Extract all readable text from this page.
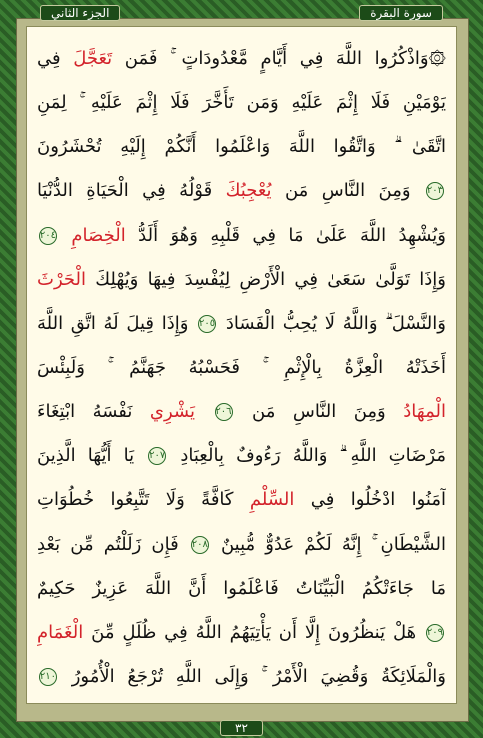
الجزء الثاني	سورة البقرة
۞وَاذْكُرُوا اللَّهَ فِي أَيَّامٍ مَّعْدُودَاتٍ ۚ فَمَن تَعَجَّلَ فِي
يَوْمَيْنِ فَلَا إِثْمَ عَلَيْهِ وَمَن تَأَخَّرَ فَلَا إِثْمَ عَلَيْهِ ۚ لِمَنِ
اتَّقَىٰ ۗ وَاتَّقُوا اللَّهَ وَاعْلَمُوا أَنَّكُمْ إِلَيْهِ تُحْشَرُونَ
٢٠٣ وَمِنَ النَّاسِ مَن يُعْجِبُكَ قَوْلُهُ فِي الْحَيَاةِ الدُّنْيَا
وَيُشْهِدُ اللَّهَ عَلَىٰ مَا فِي قَلْبِهِ وَهُوَ أَلَدُّ الْخِصَامِ ٢٠٤
وَإِذَا تَوَلَّىٰ سَعَىٰ فِي الْأَرْضِ لِيُفْسِدَ فِيهَا وَيُهْلِكَ الْحَرْثَ
وَالنَّسْلَ ۗ وَاللَّهُ لَا يُحِبُّ الْفَسَادَ ٢٠٥ وَإِذَا قِيلَ لَهُ اتَّقِ اللَّهَ
أَخَذَتْهُ الْعِزَّةُ بِالْإِثْمِ ۚ فَحَسْبُهُ جَهَنَّمُ ۚ وَلَبِئْسَ
الْمِهَادُ وَمِنَ النَّاسِ مَن ٢٠٦ يَشْرِي نَفْسَهُ ابْتِغَاءَ
مَرْضَاتِ اللَّهِ ۗ وَاللَّهُ رَءُوفٌ بِالْعِبَادِ ٢٠٧ يَا أَيُّهَا الَّذِينَ
آمَنُوا ادْخُلُوا فِي السِّلْمِ كَافَّةً وَلَا تَتَّبِعُوا خُطُوَاتِ
الشَّيْطَانِ ۚ إِنَّهُ لَكُمْ عَدُوٌّ مُّبِينٌ ٢٠٨ فَإِن زَلَلْتُم مِّن بَعْدِ
مَا جَاءَتْكُمُ الْبَيِّنَاتُ فَاعْلَمُوا أَنَّ اللَّهَ عَزِيزٌ حَكِيمٌ
٢٠٩ هَلْ يَنظُرُونَ إِلَّا أَن يَأْتِيَهُمُ اللَّهُ فِي ظُلَلٍ مِّنَ الْغَمَامِ
وَالْمَلَائِكَةُ وَقُضِيَ الْأَمْرُ ۚ وَإِلَى اللَّهِ تُرْجَعُ الْأُمُورُ ٢١٠
٣٢
